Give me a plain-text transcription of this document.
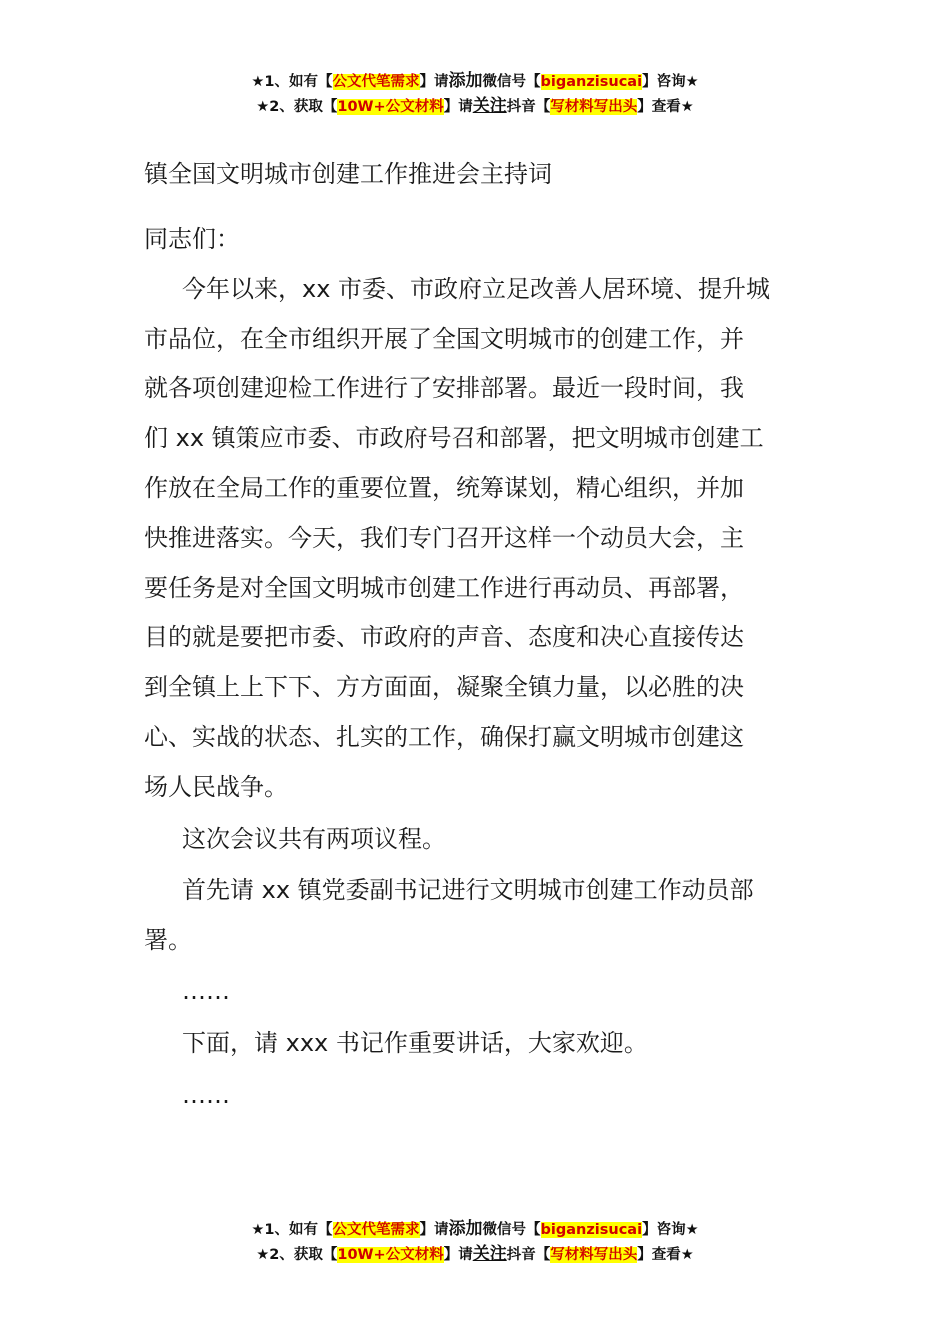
★1、如有【公文代笔需求】请添加微信号【biganzisucai】咨询★
★2、获取【10W+公文材料】请关注抖音【写材料写出头】查看★
镇全国文明城市创建工作推进会主持词
同志们：
今年以来，xx 市委、市政府立足改善人居环境、提升城
市品位，在全市组织开展了全国文明城市的创建工作，并
就各项创建迎检工作进行了安排部署。最近一段时间，我
们 xx 镇策应市委、市政府号召和部署，把文明城市创建工
作放在全局工作的重要位置，统筹谋划，精心组织，并加
快推进落实。今天，我们专门召开这样一个动员大会，主
要任务是对全国文明城市创建工作进行再动员、再部署，
目的就是要把市委、市政府的声音、态度和决心直接传达
到全镇上上下下、方方面面，凝聚全镇力量，以必胜的决
心、实战的状态、扎实的工作，确保打赢文明城市创建这
场人民战争。
这次会议共有两项议程。
首先请 xx 镇党委副书记进行文明城市创建工作动员部
署。
……
下面，请 xxx 书记作重要讲话，大家欢迎。
……
★1、如有【公文代笔需求】请添加微信号【biganzisucai】咨询★
★2、获取【10W+公文材料】请关注抖音【写材料写出头】查看★
